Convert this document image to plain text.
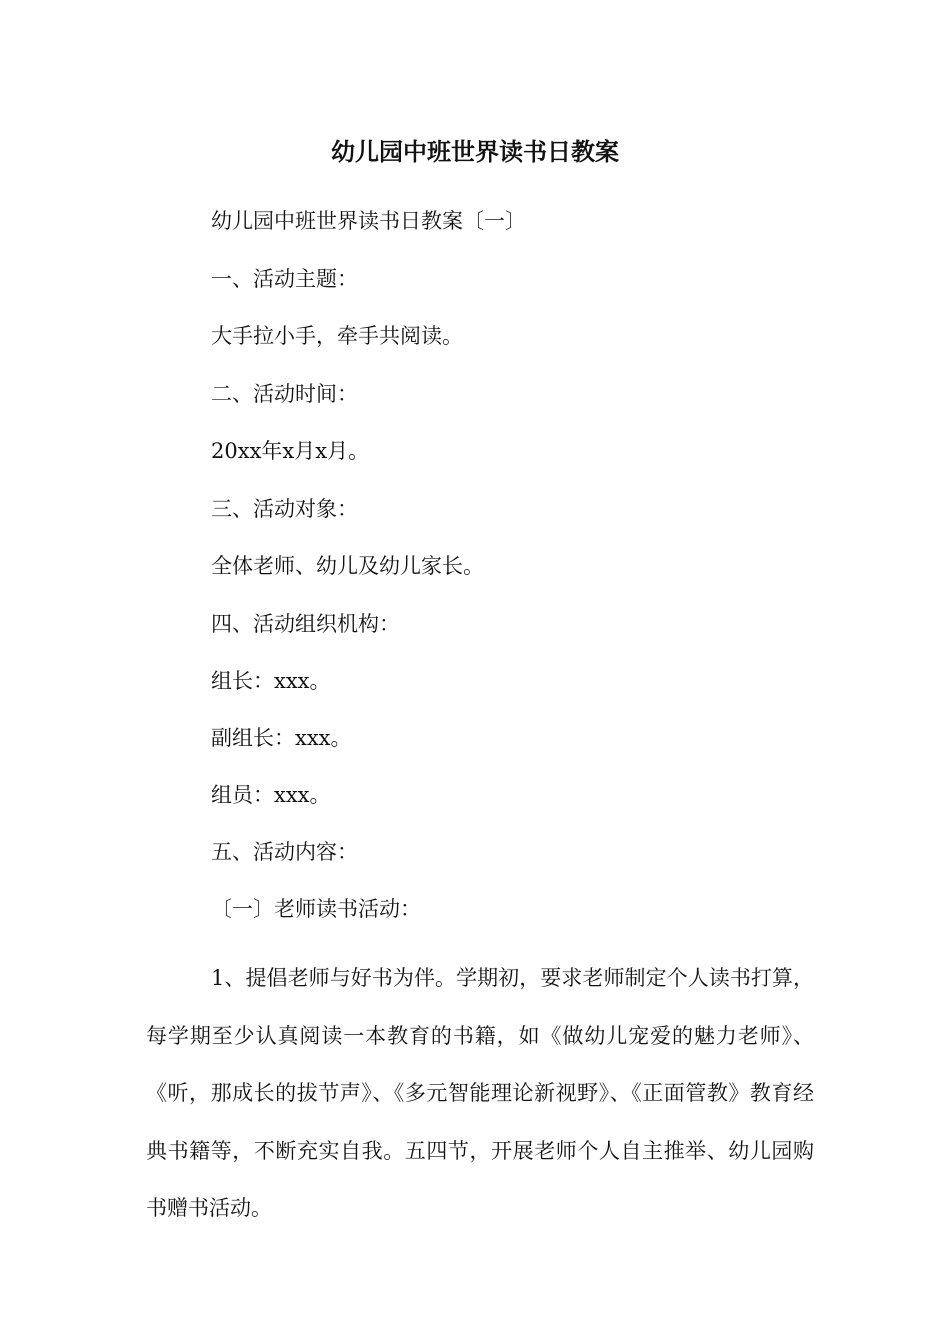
幼儿园中班世界读书日教案

幼儿园中班世界读书日教案〔一〕

一、活动主题：

大手拉小手，牵手共阅读。

二、活动时间：

20xx年x月x月。

三、活动对象：

全体老师、幼儿及幼儿家长。

四、活动组织机构：

组长：xxx。

副组长：xxx。

组员：xxx。

五、活动内容：

〔一〕老师读书活动：

1、提倡老师与好书为伴。学期初，要求老师制定个人读书打算，每学期至少认真阅读一本教育的书籍，如《做幼儿宠爱的魅力老师》、《听，那成长的拔节声》、《多元智能理论新视野》、《正面管教》教育经典书籍等，不断充实自我。五四节，开展老师个人自主推举、幼儿园购书赠书活动。
